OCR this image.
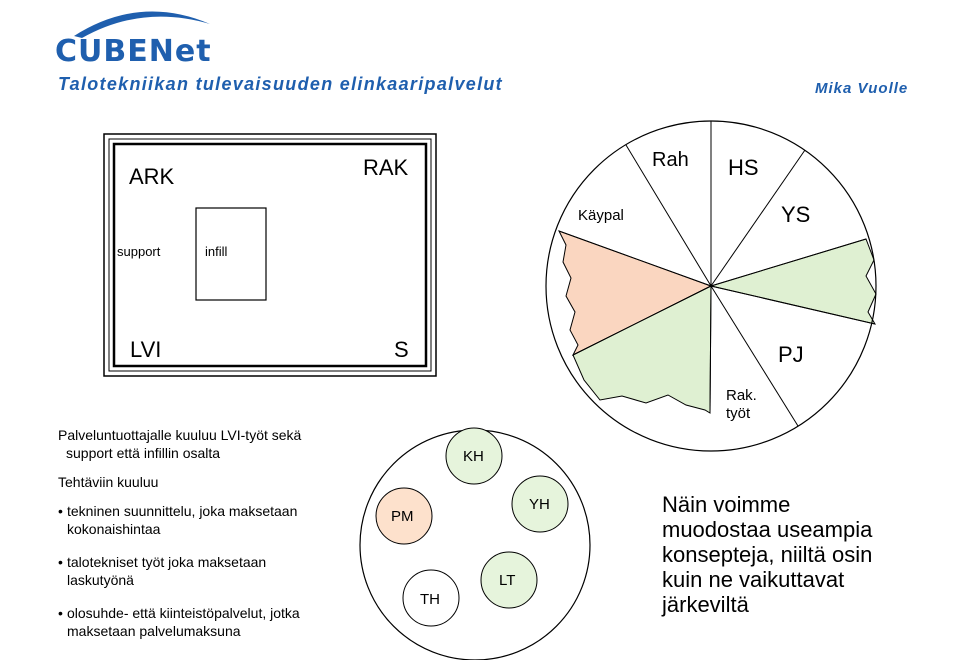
CUBENet
Talotekniikan tulevaisuuden elinkaaripalvelut	Mika Vuolle
ARK	RAK
support	infill
LVI	S
Rah HS
Käypal	YS
PJ
Rak.
työt
Palveluntuottajalle kuuluu LVI-työt sekä
support että infillin osalta
Tehtäviin kuuluu
• tekninen suunnittelu, joka maksetaan
kokonaishintaa
• talotekniset työt joka maksetaan
laskutyönä
• olosuhde- että kiinteistöpalvelut, jotka
maksetaan palvelumaksuna
KH
PM
YH
LT
TH
Näin voimme
muodostaa useampia
konsepteja, niiltä osin
kuin ne vaikuttavat
järkeviltä
